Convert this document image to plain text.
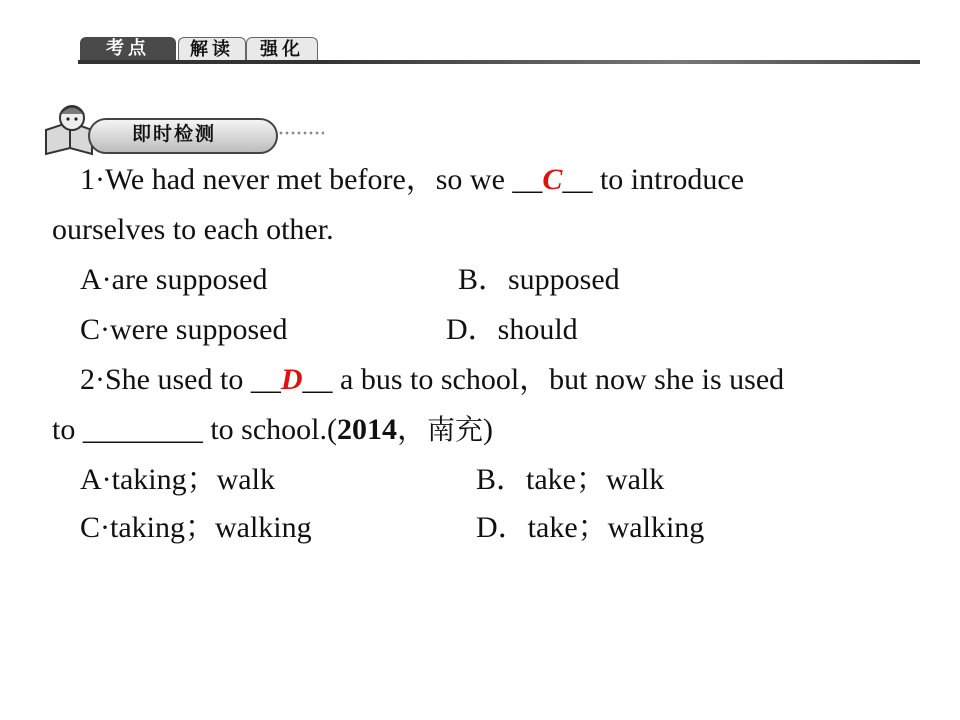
考点	解读	强化
即时检测
1·We had never met before，so we __C__ to introduce
ourselves to each other.
A·are supposed	B．supposed
C·were supposed	D．should
2·She used to __D__ a bus to school，but now she is used
to ________ to school.(2014，南充)
A·taking；walk	B．take；walk
C·taking；walking	D．take；walking
